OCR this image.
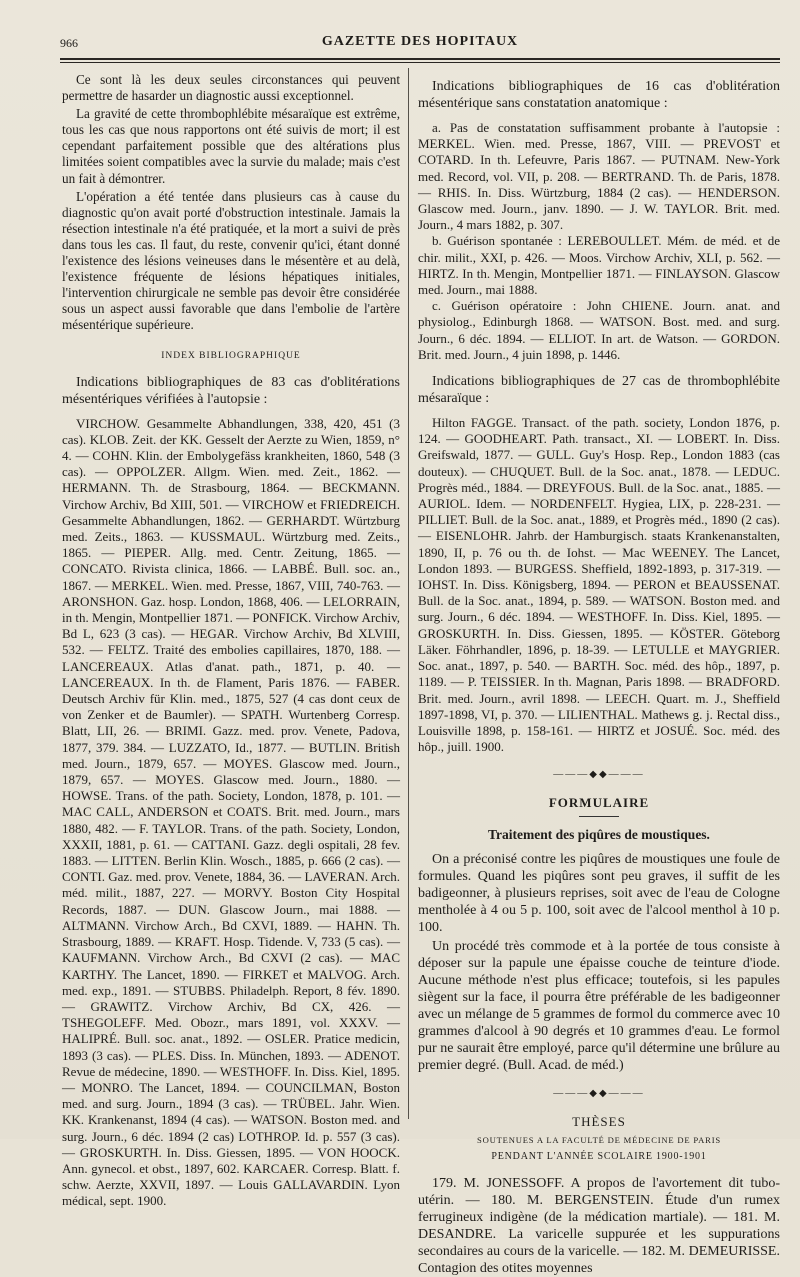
966	GAZETTE DES HOPITAUX

Ce sont là les deux seules circonstances qui peuvent permettre de hasarder un diagnostic aussi exceptionnel.

La gravité de cette thrombophlébite mésaraïque est extrême, tous les cas que nous rapportons ont été suivis de mort; il est cependant parfaitement possible que des altérations plus limitées soient compatibles avec la survie du malade; mais c'est un fait à démontrer.

L'opération a été tentée dans plusieurs cas à cause du diagnostic qu'on avait porté d'obstruction intestinale. Jamais la résection intestinale n'a été pratiquée, et la mort a suivi de près dans tous les cas. Il faut, du reste, convenir qu'ici, étant donné l'existence des lésions veineuses dans le mésentère et au delà, l'existence fréquente de lésions hépatiques initiales, l'intervention chirurgicale ne semble pas devoir être considérée sous un aspect aussi favorable que dans l'embolie de l'artère mésentérique supérieure.

INDEX BIBLIOGRAPHIQUE

Indications bibliographiques de 83 cas d'oblitérations mésentériques vérifiées à l'autopsie :

VIRCHOW. Gesammelte Abhandlungen, 338, 420, 451 (3 cas). KLOB. Zeit. der KK. Gesselt der Aerzte zu Wien, 1859, n° 4. — COHN. Klin. der Embolygefäss krankheiten, 1860, 548 (3 cas). — OPPOLZER. Allgm. Wien. med. Zeit., 1862. — HERMANN. Th. de Strasbourg, 1864. — BECKMANN. Virchow Archiv, Bd XIII, 501. — VIRCHOW et FRIEDREICH. Gesammelte Abhandlungen, 1862. — GERHARDT. Würtzburg med. Zeits., 1863. — KUSSMAUL. Würtzburg med. Zeits., 1865. — PIEPER. Allg. med. Centr. Zeitung, 1865. — CONCATO. Rivista clinica, 1866. — LABBÉ. Bull. soc. an., 1867. — MERKEL. Wien. med. Presse, 1867, VIII, 740-763. — ARONSHON. Gaz. hosp. London, 1868, 406. — LELORRAIN, in th. Mengin, Montpellier 1871. — PONFICK. Virchow Archiv, Bd L, 623 (3 cas). — HEGAR. Virchow Archiv, Bd XLVIII, 532. — FELTZ. Traité des embolies capillaires, 1870, 188. — LANCEREAUX. Atlas d'anat. path., 1871, p. 40. — LANCEREAUX. In th. de Flament, Paris 1876. — FABER. Deutsch Archiv für Klin. med., 1875, 527 (4 cas dont ceux de von Zenker et de Baumler). — SPATH. Wurtenberg Corresp. Blatt, LII, 26. — BRIMI. Gazz. med. prov. Venete, Padova, 1877, 379. 384. — LUZZATO, Id., 1877. — BUTLIN. British med. Journ., 1879, 657. — MOYES. Glascow med. Journ., 1879, 657. — MOYES. Glascow med. Journ., 1880. — HOWSE. Trans. of the path. Society, London, 1878, p. 101. — MAC CALL, ANDERSON et COATS. Brit. med. Journ., mars 1880, 482. — F. TAYLOR. Trans. of the path. Society, London, XXXII, 1881, p. 61. — CATTANI. Gazz. degli ospitali, 28 fev. 1883. — LITTEN. Berlin Klin. Wosch., 1885, p. 666 (2 cas). — CONTI. Gaz. med. prov. Venete, 1884, 36. — LAVERAN. Arch. méd. milit., 1887, 227. — MORVY. Boston City Hospital Records, 1887. — DUN. Glascow Journ., mai 1888. — ALTMANN. Virchow Arch., Bd CXVI, 1889. — HAHN. Th. Strasbourg, 1889. — KRAFT. Hosp. Tidende. V, 733 (5 cas). — KAUFMANN. Virchow Arch., Bd CXVI (2 cas). — MAC KARTHY. The Lancet, 1890. — FIRKET et MALVOG. Arch. med. exp., 1891. — STUBBS. Philadelph. Report, 8 fév. 1890. — GRAWITZ. Virchow Archiv, Bd CX, 426. — TSHEGOLEFF. Med. Obozr., mars 1891, vol. XXXV. — HALIPRÉ. Bull. soc. anat., 1892. — OSLER. Pratice medicin, 1893 (3 cas). — PLES. Diss. In. München, 1893. — ADENOT. Revue de médecine, 1890. — WESTHOFF. In. Diss. Kiel, 1895. — MONRO. The Lancet, 1894. — COUNCILMAN, Boston med. and surg. Journ., 1894 (3 cas). — TRÜBEL. Jahr. Wien. KK. Krankenanst, 1894 (4 cas). — WATSON. Boston med. and surg. Journ., 6 déc. 1894 (2 cas) LOTHROP. Id. p. 557 (3 cas). — GROSKURTH. In. Diss. Giessen, 1895. — VON HOOCK. Ann. gynecol. et obst., 1897, 602. KARCAER. Corresp. Blatt. f. schw. Aerzte, XXVII, 1897. — Louis GALLAVARDIN. Lyon médical, sept. 1900.

Indications bibliographiques de 16 cas d'oblitération mésentérique sans constatation anatomique :

a. Pas de constatation suffisamment probante à l'autopsie : MERKEL. Wien. med. Presse, 1867, VIII. — PREVOST et COTARD. In th. Lefeuvre, Paris 1867. — PUTNAM. New-York med. Record, vol. VII, p. 208. — BERTRAND. Th. de Paris, 1878. — RHIS. In. Diss. Würtzburg, 1884 (2 cas). — HENDERSON. Glascow med. Journ., janv. 1890. — J. W. TAYLOR. Brit. med. Journ., 4 mars 1882, p. 307.

b. Guérison spontanée : LEREBOULLET. Mém. de méd. et de chir. milit., XXI, p. 426. — Moos. Virchow Archiv, XLI, p. 562. — HIRTZ. In th. Mengin, Montpellier 1871. — FINLAYSON. Glascow med. Journ., mai 1888.

c. Guérison opératoire : John CHIENE. Journ. anat. and physiolog., Edinburgh 1868. — WATSON. Bost. med. and surg. Journ., 6 déc. 1894. — ELLIOT. In art. de Watson. — GORDON. Brit. med. Journ., 4 juin 1898, p. 1446.

Indications bibliographiques de 27 cas de thrombophlébite mésaraïque :

Hilton FAGGE. Transact. of the path. society, London 1876, p. 124. — GOODHEART. Path. transact., XI. — LOBERT. In. Diss. Greifswald, 1877. — GULL. Guy's Hosp. Rep., London 1883 (cas douteux). — CHUQUET. Bull. de la Soc. anat., 1878. — LEDUC. Progrès méd., 1884. — DREYFOUS. Bull. de la Soc. anat., 1885. — AURIOL. Idem. — NORDENFELT. Hygiea, LIX, p. 228-231. — PILLIET. Bull. de la Soc. anat., 1889, et Progrès méd., 1890 (2 cas). — EISENLOHR. Jahrb. der Hamburgisch. staats Krankenanstalten, 1890, II, p. 76 ou th. de Iohst. — Mac WEENEY. The Lancet, London 1893. — BURGESS. Sheffield, 1892-1893, p. 317-319. — IOHST. In. Diss. Königsberg, 1894. — PERON et BEAUSSENAT. Bull. de la Soc. anat., 1894, p. 589. — WATSON. Boston med. and surg. Journ., 6 déc. 1894. — WESTHOFF. In. Diss. Kiel, 1895. — GROSKURTH. In. Diss. Giessen, 1895. — KÖSTER. Göteborg Läker. Föhrhandler, 1896, p. 18-39. — LETULLE et MAYGRIER. Soc. anat., 1897, p. 540. — BARTH. Soc. méd. des hôp., 1897, p. 1189. — P. TEISSIER. In th. Magnan, Paris 1898. — BRADFORD. Brit. med. Journ., avril 1898. — LEECH. Quart. m. J., Sheffield 1897-1898, VI, p. 370. — LILIENTHAL. Mathews g. j. Rectal diss., Louisville 1898, p. 158-161. — HIRTZ et JOSUÉ. Soc. méd. des hôp., juill. 1900.

———◆◆———
FORMULAIRE
Traitement des piqûres de moustiques.

On a préconisé contre les piqûres de moustiques une foule de formules. Quand les piqûres sont peu graves, il suffit de les badigeonner, à plusieurs reprises, soit avec de l'eau de Cologne mentholée à 4 ou 5 p. 100, soit avec de l'alcool menthol à 10 p. 100.

Un procédé très commode et à la portée de tous consiste à déposer sur la papule une épaisse couche de teinture d'iode. Aucune méthode n'est plus efficace; toutefois, si les papules siègent sur la face, il pourra être préférable de les badigeonner avec un mélange de 5 grammes de formol du commerce avec 10 grammes d'alcool à 90 degrés et 10 grammes d'eau. Le formol pur ne saurait être employé, parce qu'il détermine une brûlure au premier degré. (Bull. Acad. de méd.)

———◆◆———
THÈSES
SOUTENUES A LA FACULTÉ DE MÉDECINE DE PARIS
PENDANT L'ANNÉE SCOLAIRE 1900-1901

179. M. JONESSOFF. A propos de l'avortement dit tubo-utérin. — 180. M. BERGENSTEIN. Étude d'un rumex ferrugineux indigène (de la médication martiale). — 181. M. DESANDRE. La varicelle suppurée et les suppurations secondaires au cours de la varicelle. — 182. M. DEMEURISSE. Contagion des otites moyennes
